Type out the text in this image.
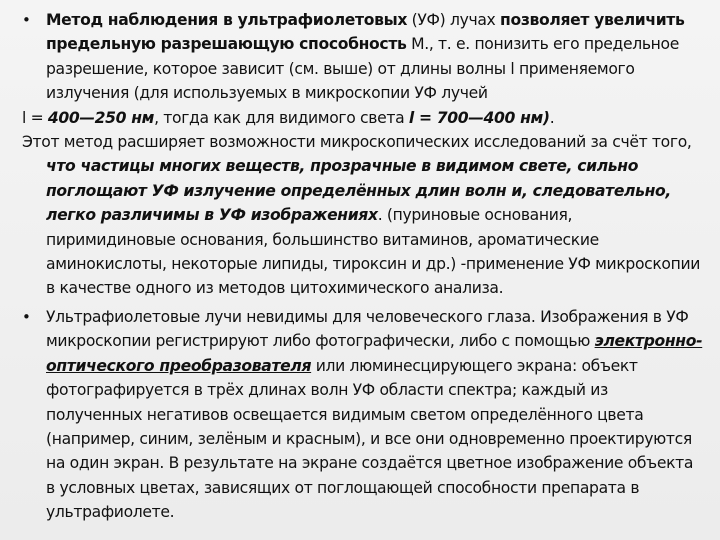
• Метод наблюдения в ультрафиолетовых (УФ) лучах позволяет увеличить предельную разрешающую способность М., т. е. понизить его предельное разрешение, которое зависит (см. выше) от длины волны l применяемого излучения (для используемых в микроскопии УФ лучей

l = 400—250 нм, тогда как для видимого света l = 700—400 нм).

Этот метод расширяет возможности микроскопических исследований за счёт того, что частицы многих веществ, прозрачные в видимом свете, сильно поглощают УФ излучение определённых длин волн и, следовательно, легко различимы в УФ изображениях. (пуриновые основания, пиримидиновые основания, большинство витаминов, ароматические аминокислоты, некоторые липиды, тироксин и др.) -применение УФ микроскопии в качестве одного из методов цитохимического анализа.

• Ультрафиолетовые лучи невидимы для человеческого глаза. Изображения в УФ микроскопии регистрируют либо фотографически, либо с помощью электронно-оптического преобразователя или люминесцирующего экрана: объект фотографируется в трёх длинах волн УФ области спектра; каждый из полученных негативов освещается видимым светом определённого цвета (например, синим, зелёным и красным), и все они одновременно проектируются на один экран. В результате на экране создаётся цветное изображение объекта в условных цветах, зависящих от поглощающей способности препарата в ультрафиолете.
